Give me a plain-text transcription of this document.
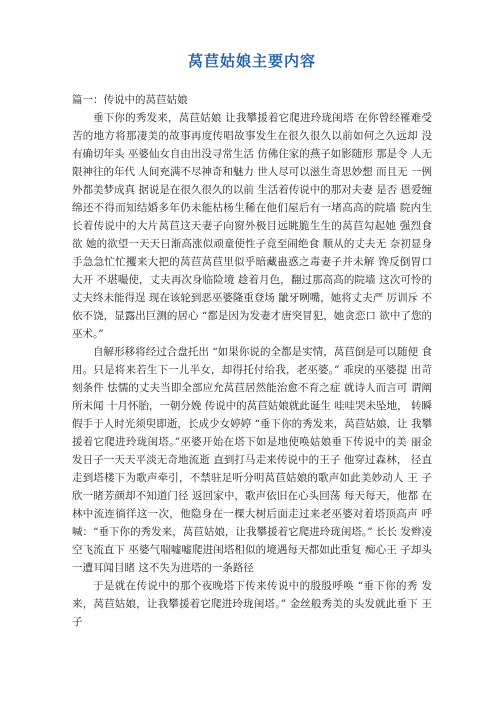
莴苣姑娘主要内容

篇一：传说中的莴苣姑娘

垂下你的秀发来，莴苣姑娘 让我攀援着它爬进玲珑闺塔 在你曾经罹难受苦的地方将那凄美的故事再度传唱故事发生在很久很久以前如何之久远却 没有确切年头 巫婆仙女自由出没寻常生活 仿佛住家的燕子如影随形 那是令 人无限神往的年代 人间充满不尽神奇和魅力 世人尽可以滋生奇思妙想 而且无 一例外都美梦成真 据说是在很久很久的以前 生活着传说中的那对夫妻 是否 恩爱缠绵还不得而知结婚多年仍未能枯杨生稀在他们屋后有一堵高高的院墙 院内生长着传说中的大片莴苣这天妻子向窗外极目远眺脆生生的莴苣勾起她 强烈食欲 她的欲望一天天日渐高涨似顽童使性子竟至闹绝食 顺从的丈夫无 奈初显身手急急忙忙攫来大把的莴苣莴苣里似乎暗藏蛊惑之毒妻子并未解 馋反倒胃口大开 不堪嘬使，丈夫再次身临险境 趁着月色，翻过那高高的院墙 这次可怜的丈夫终未能得逞 现在该轮到恶巫婆隆重登场 龇牙咧嘴，她将丈夫严 厉训斥 不依不饶，显露出巨测的居心 “都是因为发妻才唐突冒犯，她贪恋口 欲中了您的巫术。”

自解形移将经过合盘托出 “如果你说的全都是实情，莴苣倒是可以随便 食用。只是将来若生下一儿半女，却得托付给我，老巫婆。” 乖戾的巫婆提 出苛刻条件 怯懦的丈夫当即全部应允莴苣居然能治愈不育之症 就诗人而言可 谓阐所未闻 十月怀胎，一朝分娩 传说中的莴苣姑娘就此诞生 哇哇哭未坠地， 转瞬假手于人时光须臾即逝，长成少女婷婷 “垂下你的秀发来，莴苣姑娘，让 我攀援着它爬进玲珑闺塔。”巫婆开始在塔下如是地使唤姑娘垂下传说中的美 丽金发日子一天天平淡无奇地流逝 直到打马走来传说中的王子 他穿过森林， 径直走到塔楼下为歌声牵引，不禁驻足听分明莴苣姑娘的歌声如此美妙动人 王 子欣一睹芳颜却不知道门径 返回家中，歌声依旧在心头回荡 每天每天，他都 在林中流连徜徉这一次，他隐身在一棵大树后面走过来老巫婆对着塔顶高声 呼喊：“垂下你的秀发来，莴苣姑娘，让我攀援着它爬进玲珑闺塔。” 长长 发辫凌空飞流直下 巫婆气喘嘘嘘爬进闺塔相似的境遇每天都如此重复 痴心王 子却头一遭耳闻目睹 这不失为进塔的一条路径

于是就在传说中的那个夜晚塔下传来传说中的殷殷呼唤 “垂下你的秀 发来，莴苣姑娘，让我攀援着它爬进玲珑闺塔。” 金丝般秀美的头发就此垂下 王子
